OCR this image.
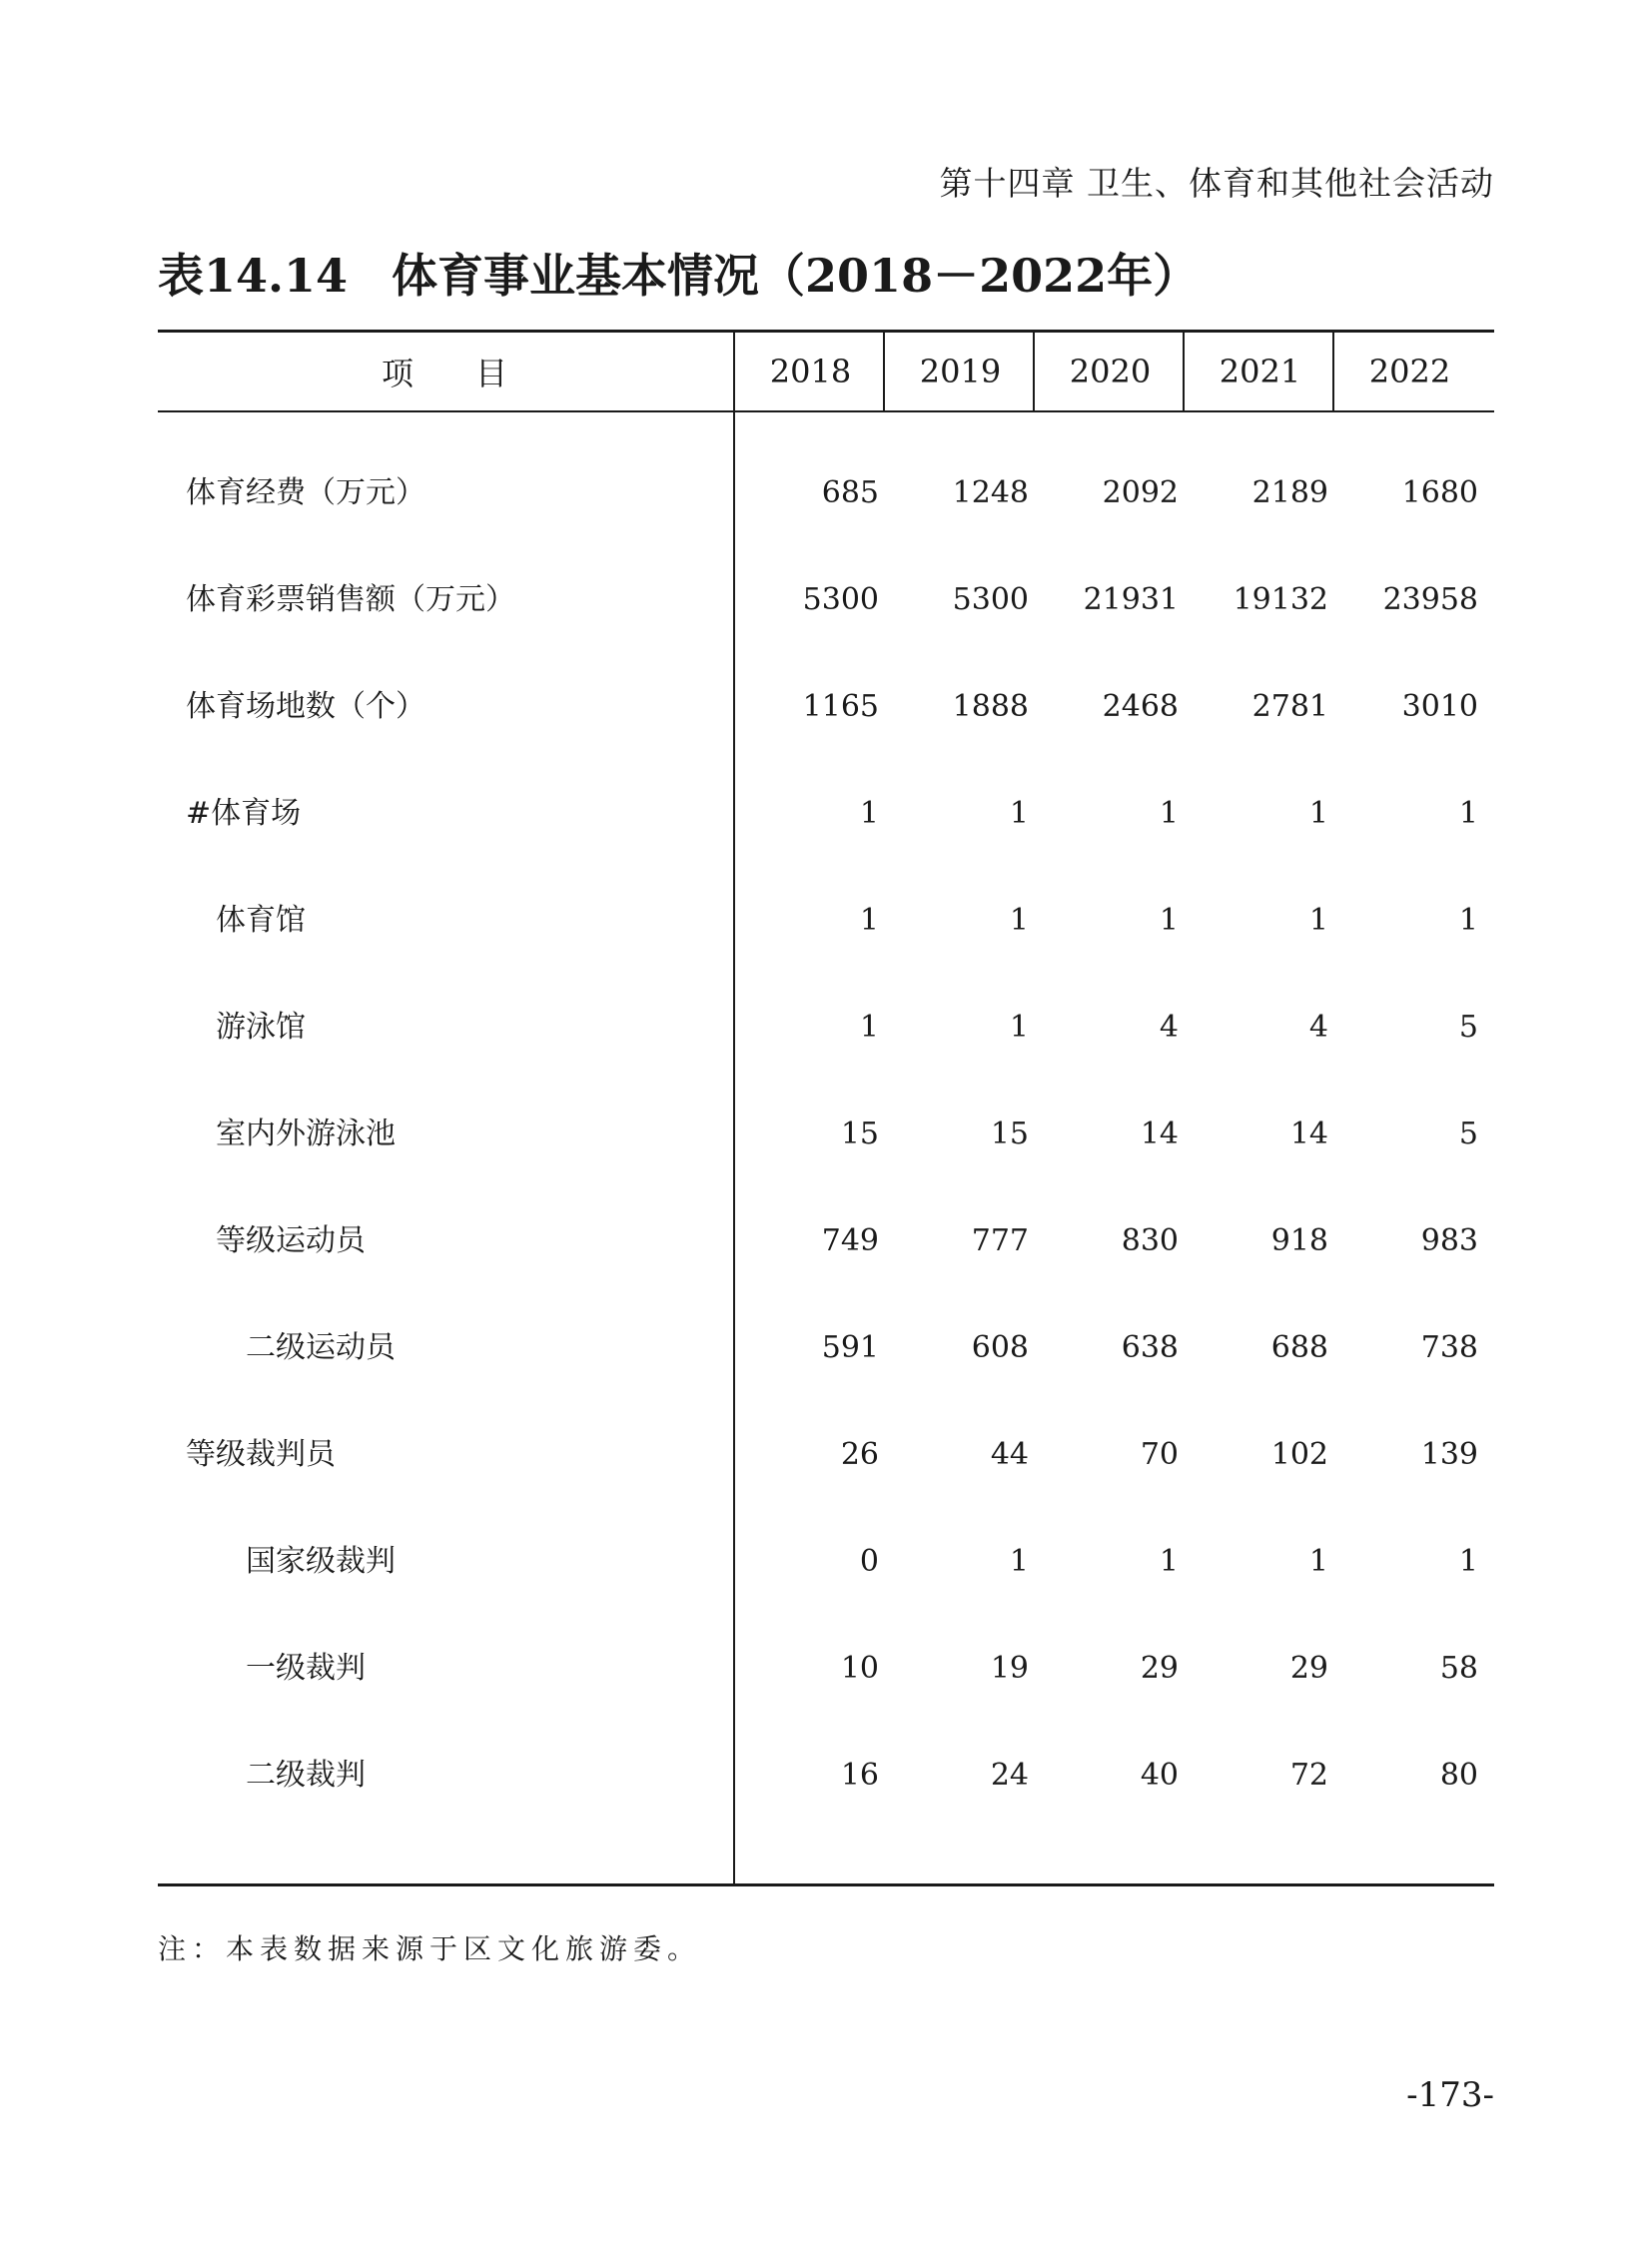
第十四章 卫生、体育和其他社会活动
表14.14 体育事业基本情况（2018－2022年）
项 目	2018	2019	2020	2021	2022
体育经费（万元）	685	1248	2092	2189	1680
体育彩票销售额（万元）	5300	5300	21931	19132	23958
体育场地数（个）	1165	1888	2468	2781	3010
#体育场	1	1	1	1	1
体育馆	1	1	1	1	1
游泳馆	1	1	4	4	5
室内外游泳池	15	15	14	14	5
等级运动员	749	777	830	918	983
二级运动员	591	608	638	688	738
等级裁判员	26	44	70	102	139
国家级裁判	0	1	1	1	1
一级裁判	10	19	29	29	58
二级裁判	16	24	40	72	80
注：本表数据来源于区文化旅游委。
-173-
